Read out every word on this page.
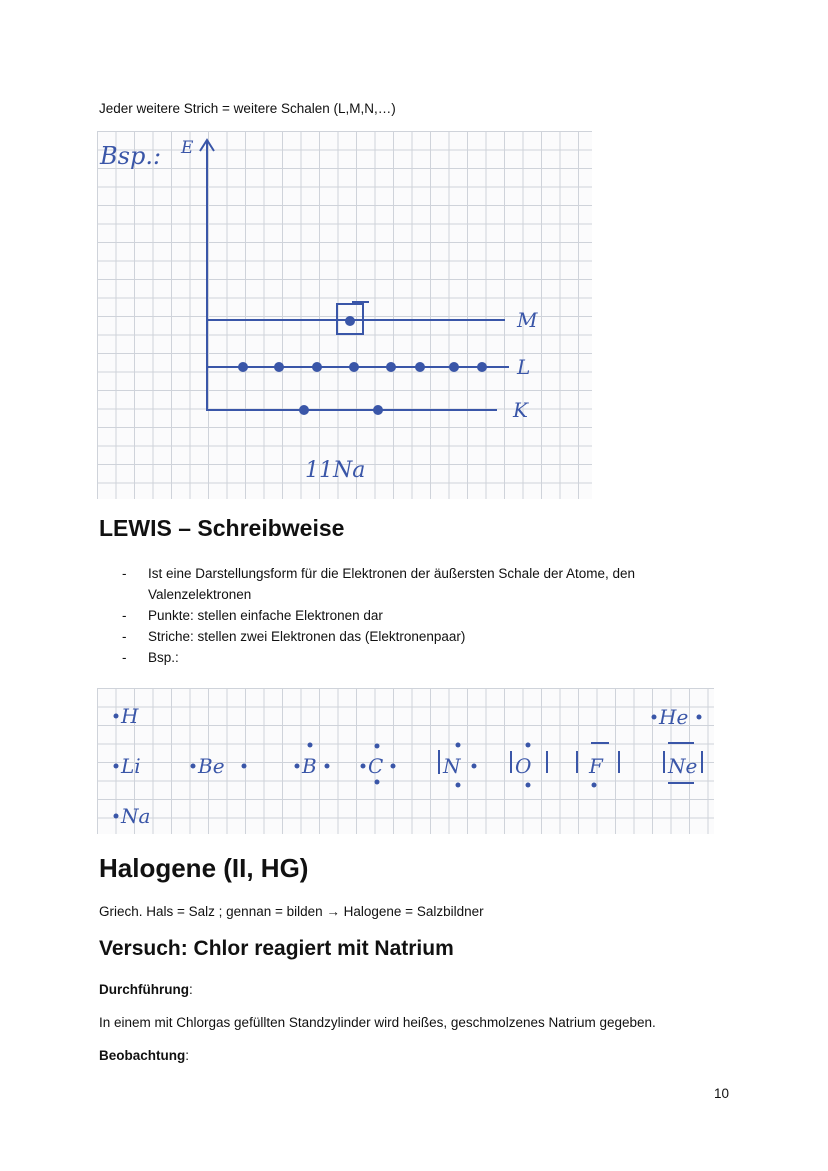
Jeder weitere Strich = weitere Schalen (L,M,N,…)
Bsp.: E
M
L
K
11Na
LEWIS – Schreibweise
- Ist eine Darstellungsform für die Elektronen der äußersten Schale der Atome, den Valenzelektronen
- Punkte: stellen einfache Elektronen dar
- Striche: stellen zwei Elektronen das (Elektronenpaar)
- Bsp.:
H	He
Li	Be	B	C	N	O	F	Ne
Na
Halogene (II, HG)
Griech. Hals = Salz ; gennan = bilden → Halogene = Salzbildner
Versuch: Chlor reagiert mit Natrium
Durchführung:
In einem mit Chlorgas gefüllten Standzylinder wird heißes, geschmolzenes Natrium gegeben.
Beobachtung:
10
